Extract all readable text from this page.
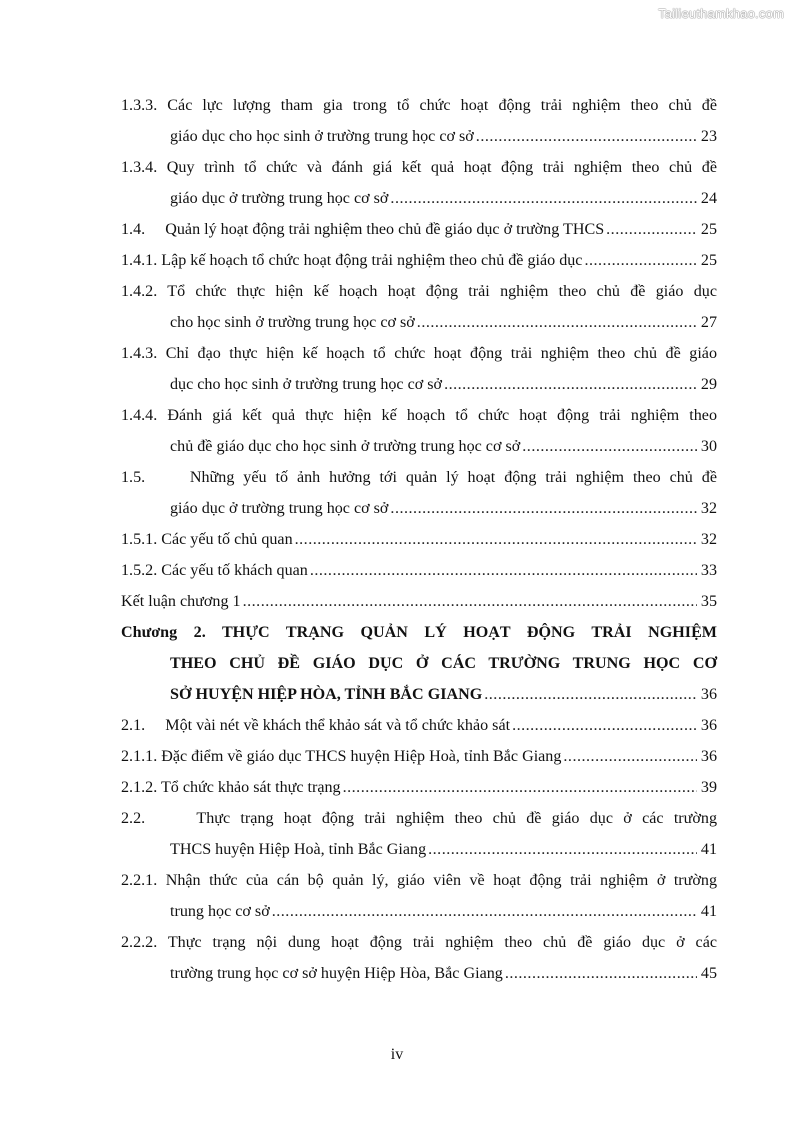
Tailieuthamkhao.com
1.3.3. Các lực lượng tham gia trong tổ chức hoạt động trải nghiệm theo chủ đề
giáo dục cho học sinh ở trường trung học cơ sở .....	23
1.3.4. Quy trình tổ chức và đánh giá kết quả hoạt động trải nghiệm theo chủ đề
giáo dục ở trường trung học cơ sở .....	24
1.4.     Quản lý hoạt động trải nghiệm theo chủ đề giáo dục ở trường THCS .....	25
1.4.1. Lập kế hoạch tổ chức hoạt động trải nghiệm theo chủ đề giáo dục .....	25
1.4.2. Tổ chức thực hiện kế hoạch hoạt động trải nghiệm theo chủ đề giáo dục
cho học sinh ở trường trung học cơ sở .....	27
1.4.3. Chỉ đạo thực hiện kế hoạch tổ chức hoạt động trải nghiệm theo chủ đề giáo
dục cho học sinh ở trường trung học cơ sở .....	29
1.4.4. Đánh giá kết quả thực hiện kế hoạch tổ chức hoạt động trải nghiệm theo
chủ đề giáo dục cho học sinh ở trường trung học cơ sở .....	30
1.5.     Những yếu tố ảnh hưởng tới quản lý hoạt động trải nghiệm theo chủ đề
giáo dục ở trường trung học cơ sở .....	32
1.5.1. Các yếu tố chủ quan .....	32
1.5.2. Các yếu tố khách quan .....	33
Kết luận chương 1 .....	35
Chương 2. THỰC TRẠNG QUẢN LÝ HOẠT ĐỘNG TRẢI NGHIỆM
THEO CHỦ ĐỀ GIÁO DỤC Ở CÁC TRƯỜNG TRUNG HỌC CƠ
SỞ HUYỆN HIỆP HÒA, TỈNH BẮC GIANG .....	36
2.1.     Một vài nét về khách thể khảo sát và tổ chức khảo sát .....	36
2.1.1. Đặc điểm về giáo dục THCS huyện Hiệp Hoà, tỉnh Bắc Giang .....	36
2.1.2. Tổ chức khảo sát thực trạng .....	39
2.2.     Thực trạng hoạt động trải nghiệm theo chủ đề giáo dục ở các trường
THCS huyện Hiệp Hoà, tỉnh Bắc Giang .....	41
2.2.1. Nhận thức của cán bộ quản lý, giáo viên về hoạt động trải nghiệm ở trường
trung học cơ sở .....	41
2.2.2. Thực trạng nội dung hoạt động trải nghiệm theo chủ đề giáo dục ở các
trường trung học cơ sở huyện Hiệp Hòa, Bắc Giang .....	45
iv
